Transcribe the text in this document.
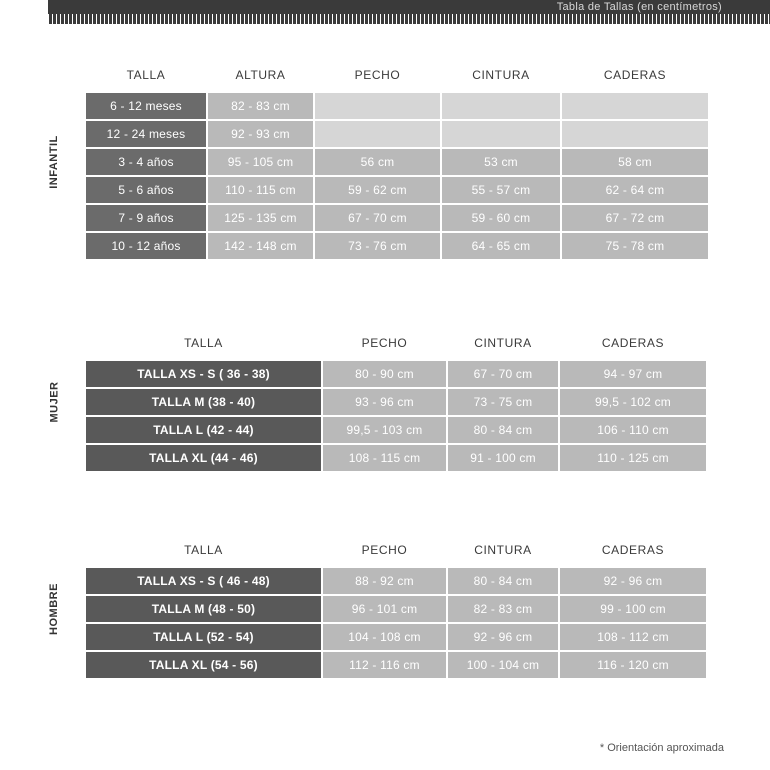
Tabla de Tallas (en centímetros)
INFANTIL
TALLA	ALTURA	PECHO	CINTURA	CADERAS
6 - 12 meses	82 - 83 cm			
12 - 24 meses	92 - 93 cm			
3 - 4 años	95 - 105 cm	56 cm	53 cm	58 cm
5 - 6 años	110 - 115 cm	59 - 62 cm	55 - 57 cm	62 - 64 cm
7 - 9 años	125 - 135 cm	67 - 70 cm	59 - 60 cm	67 - 72 cm
10 - 12 años	142 - 148 cm	73 - 76 cm	64 - 65 cm	75 - 78 cm
MUJER
TALLA	PECHO	CINTURA	CADERAS
TALLA XS - S ( 36 - 38)	80 - 90 cm	67 - 70 cm	94 - 97 cm
TALLA M (38 - 40)	93 - 96 cm	73 - 75 cm	99,5 - 102 cm
TALLA L (42 - 44)	99,5 - 103 cm	80 - 84 cm	106 - 110 cm
TALLA XL (44 - 46)	108 - 115 cm	91 - 100 cm	110 - 125 cm
HOMBRE
TALLA	PECHO	CINTURA	CADERAS
TALLA XS - S ( 46 - 48)	88 - 92 cm	80 - 84 cm	92 - 96 cm
TALLA M (48 - 50)	96 - 101 cm	82 - 83 cm	99 - 100 cm
TALLA L (52 - 54)	104 - 108 cm	92 - 96 cm	108 - 112 cm
TALLA XL (54 - 56)	112 - 116 cm	100 - 104 cm	116 - 120 cm
* Orientación aproximada
